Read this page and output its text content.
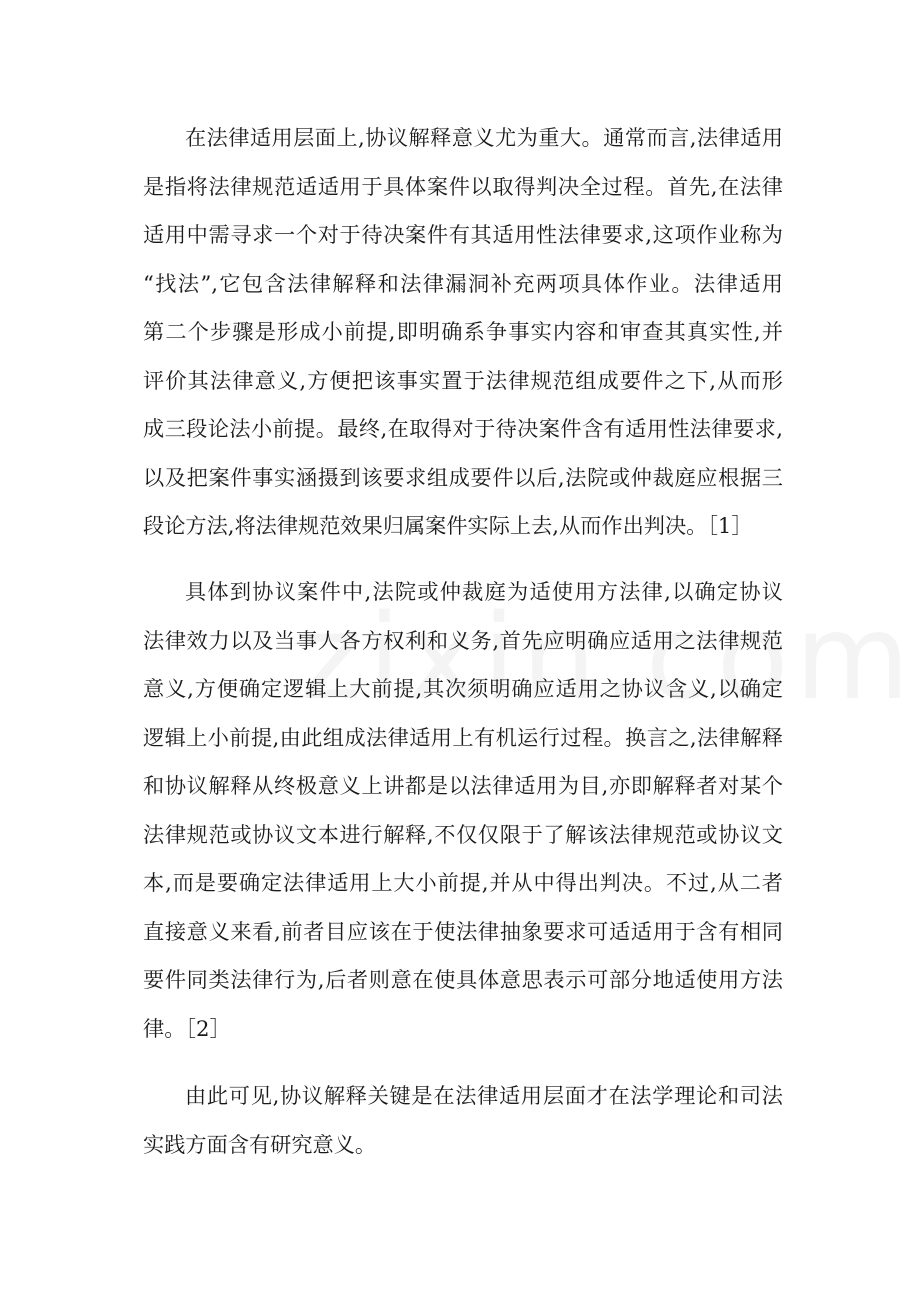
在法律适用层面上,协议解释意义尤为重大。通常而言,法律适用
是指将法律规范适适用于具体案件以取得判决全过程。首先,在法律
适用中需寻求一个对于待决案件有其适用性法律要求,这项作业称为
“找法”,它包含法律解释和法律漏洞补充两项具体作业。法律适用
第二个步骤是形成小前提,即明确系争事实内容和审查其真实性,并
评价其法律意义,方便把该事实置于法律规范组成要件之下,从而形
成三段论法小前提。最终,在取得对于待决案件含有适用性法律要求,
以及把案件事实涵摄到该要求组成要件以后,法院或仲裁庭应根据三
段论方法,将法律规范效果归属案件实际上去,从而作出判决。［1］
具体到协议案件中,法院或仲裁庭为适使用方法律,以确定协议
法律效力以及当事人各方权利和义务,首先应明确应适用之法律规范
意义,方便确定逻辑上大前提,其次须明确应适用之协议含义,以确定
逻辑上小前提,由此组成法律适用上有机运行过程。换言之,法律解释
和协议解释从终极意义上讲都是以法律适用为目,亦即解释者对某个
法律规范或协议文本进行解释,不仅仅限于了解该法律规范或协议文
本,而是要确定法律适用上大小前提,并从中得出判决。不过,从二者
直接意义来看,前者目应该在于使法律抽象要求可适适用于含有相同
要件同类法律行为,后者则意在使具体意思表示可部分地适使用方法
律。［2］
由此可见,协议解释关键是在法律适用层面才在法学理论和司法
实践方面含有研究意义。
